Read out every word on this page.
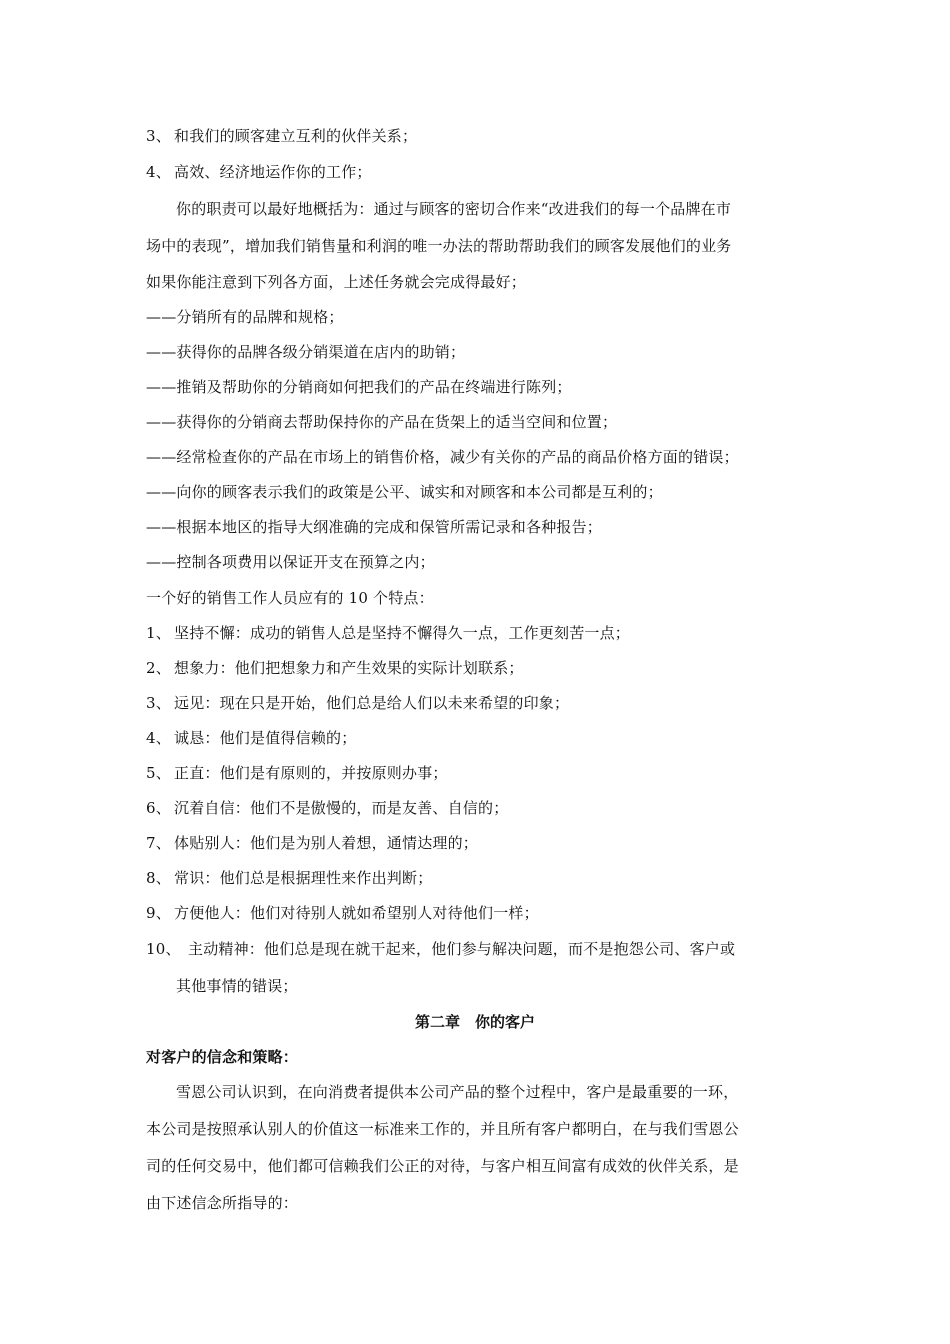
3、 和我们的顾客建立互利的伙伴关系；
4、 高效、经济地运作你的工作；
你的职责可以最好地概括为：通过与顾客的密切合作来“改进我们的每一个品牌在市
场中的表现”，增加我们销售量和利润的唯一办法的帮助帮助我们的顾客发展他们的业务
如果你能注意到下列各方面，上述任务就会完成得最好；
——分销所有的品牌和规格；
——获得你的品牌各级分销渠道在店内的助销；
——推销及帮助你的分销商如何把我们的产品在终端进行陈列；
——获得你的分销商去帮助保持你的产品在货架上的适当空间和位置；
——经常检查你的产品在市场上的销售价格，减少有关你的产品的商品价格方面的错误；
——向你的顾客表示我们的政策是公平、诚实和对顾客和本公司都是互利的；
——根据本地区的指导大纲准确的完成和保管所需记录和各种报告；
——控制各项费用以保证开支在预算之内；
一个好的销售工作人员应有的 10 个特点：
1、 坚持不懈：成功的销售人总是坚持不懈得久一点，工作更刻苦一点；
2、 想象力：他们把想象力和产生效果的实际计划联系；
3、 远见：现在只是开始，他们总是给人们以未来希望的印象；
4、 诚恳：他们是值得信赖的；
5、 正直：他们是有原则的，并按原则办事；
6、 沉着自信：他们不是傲慢的，而是友善、自信的；
7、 体贴别人：他们是为别人着想，通情达理的；
8、 常识：他们总是根据理性来作出判断；
9、 方便他人：他们对待别人就如希望别人对待他们一样；
10、 主动精神：他们总是现在就干起来，他们参与解决问题，而不是抱怨公司、客户或
其他事情的错误；
第二章　你的客户
对客户的信念和策略：
雪恩公司认识到，在向消费者提供本公司产品的整个过程中，客户是最重要的一环，
本公司是按照承认别人的价值这一标准来工作的，并且所有客户都明白，在与我们雪恩公
司的任何交易中，他们都可信赖我们公正的对待，与客户相互间富有成效的伙伴关系，是
由下述信念所指导的：
